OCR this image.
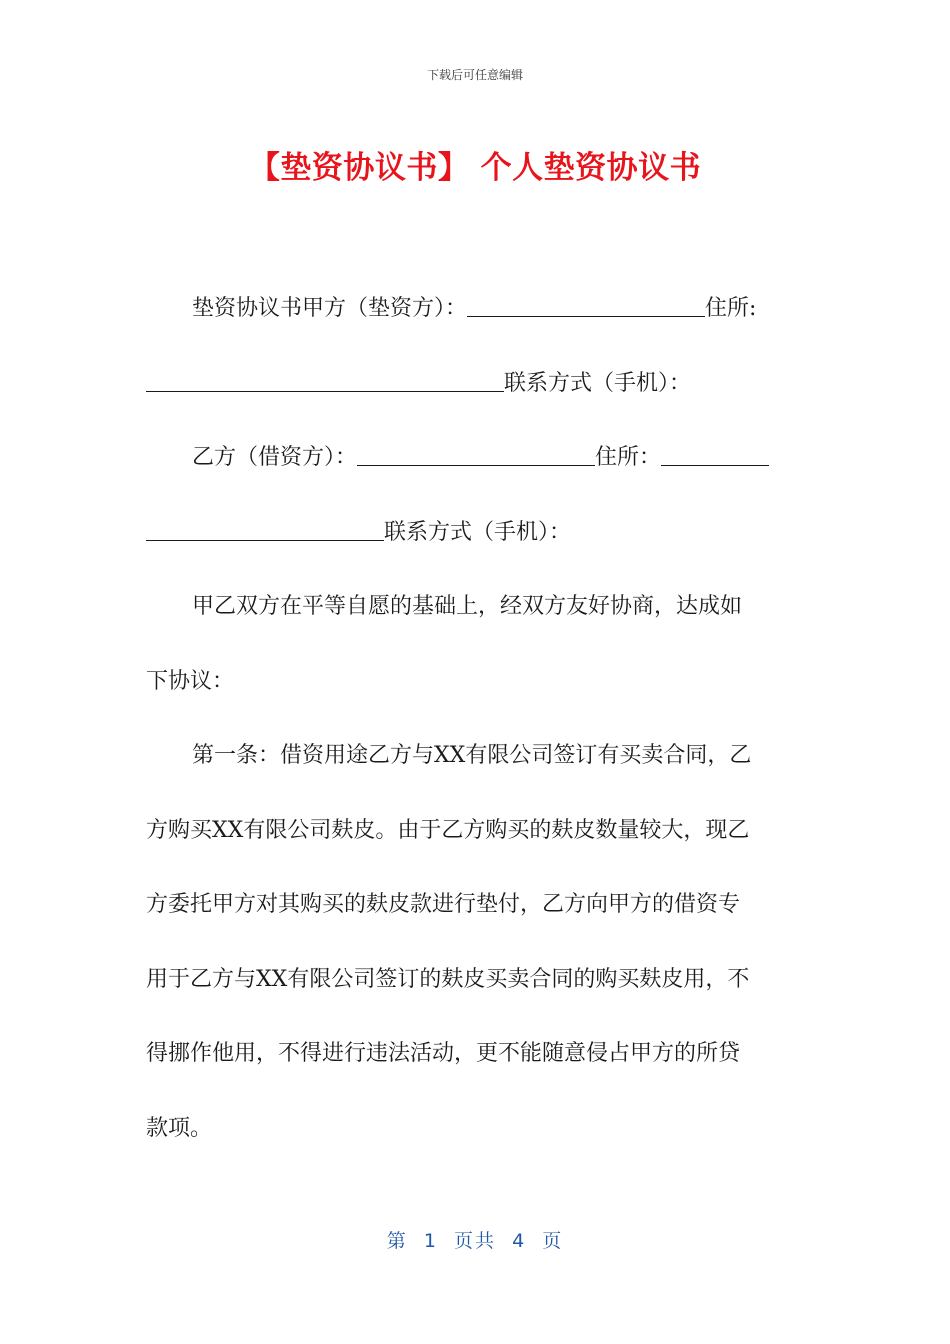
下载后可任意编辑
【垫资协议书】 个人垫资协议书

垫资协议书甲方（垫资方）：	住所:

联系方式（手机）：

乙方（借资方）：	住所：

联系方式（手机）：

甲乙双方在平等自愿的基础上，经双方友好协商，达成如

下协议：

第一条：借资用途乙方与XX有限公司签订有买卖合同，乙

方购买XX有限公司麸皮。由于乙方购买的麸皮数量较大，现乙

方委托甲方对其购买的麸皮款进行垫付，乙方向甲方的借资专

用于乙方与XX有限公司签订的麸皮买卖合同的购买麸皮用，不

得挪作他用，不得进行违法活动，更不能随意侵占甲方的所贷

款项。

第  1  页共  4  页
